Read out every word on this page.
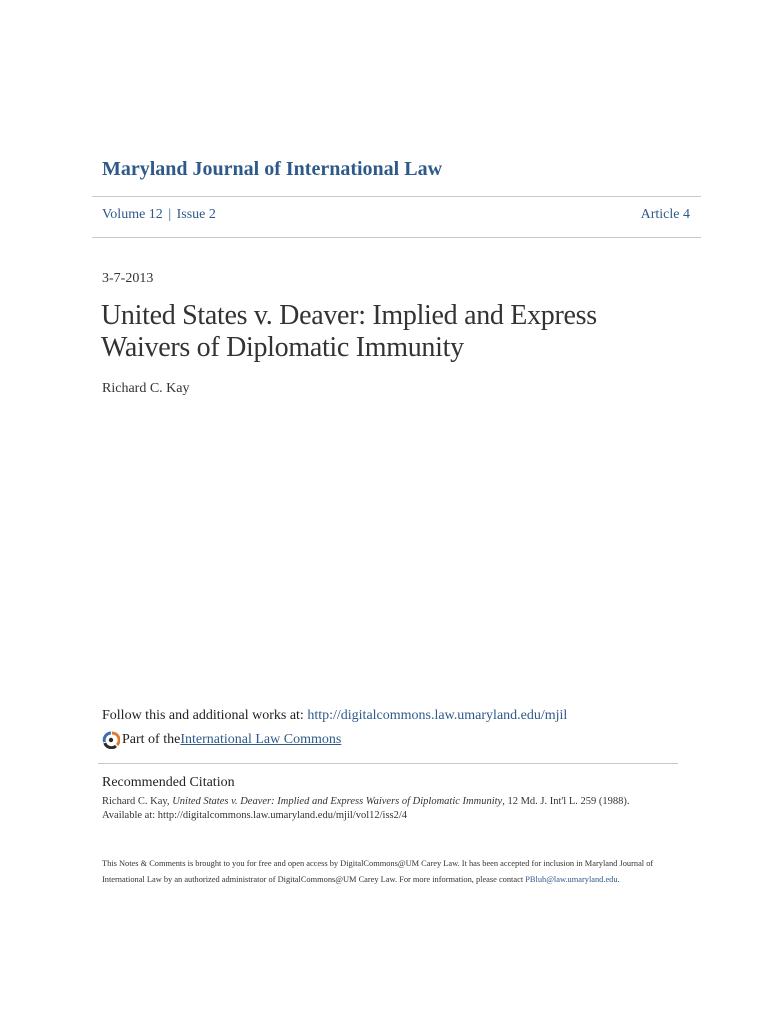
Maryland Journal of International Law
Volume 12 | Issue 2	Article 4
3-7-2013
United States v. Deaver: Implied and Express
Waivers of Diplomatic Immunity
Richard C. Kay
Follow this and additional works at: http://digitalcommons.law.umaryland.edu/mjil
Part of the International Law Commons
Recommended Citation
Richard C. Kay, United States v. Deaver: Implied and Express Waivers of Diplomatic Immunity, 12 Md. J. Int'l L. 259 (1988).
Available at: http://digitalcommons.law.umaryland.edu/mjil/vol12/iss2/4
This Notes & Comments is brought to you for free and open access by DigitalCommons@UM Carey Law. It has been accepted for inclusion in Maryland Journal of International Law by an authorized administrator of DigitalCommons@UM Carey Law. For more information, please contact PBluh@law.umaryland.edu.
